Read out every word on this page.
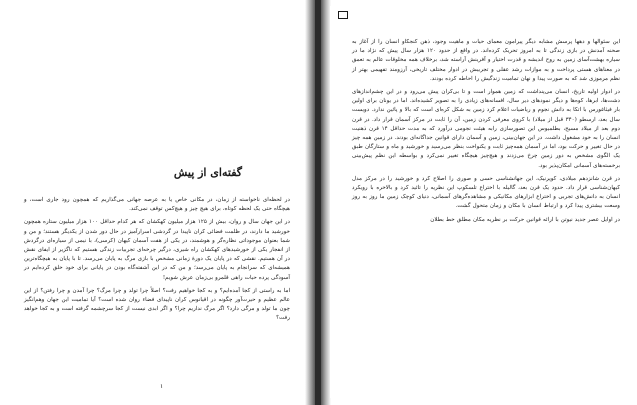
گفته‌ای از پیش

در لحظه‌ای ناخواسته از زمان، در مکانی خاص یا به عرصه جهانی می‌گذاریم که همچون رود جاری است، و هیچگاه حتی یک لحظه کوتاه، برای هیچ چیز و هیچ‌کس توقف نمی‌کند.

در این جهان سال و روان، بیش از ۱۲۵ هزار میلیون کهکشان که هر کدام حداقل ۱۰۰ هزار میلیون ستاره همچون خورشید ما دارند، در ظلمت فضائی کران ناپیدا در گردشی اسرارآمیز در حال دور شدن از یکدیگر هستند؛ و من و شما بعنوان موجوداتی نظاره‌گر و هوشمند، در یکی از هفت آسمان کیهان (کرسی)، با نیمی از سیاره‌ای درگردش از انفجار یکی از خورشیدهای کهکشان راه شیری، درگیر چرخه‌ای تجربیات زندگی هستیم که ناگزیر از ایفای نقش در آن هستیم. نقشی که در پایان یک دورهٔ زمانی مشخص با بازی مرگ به پایان می‌رسد. تا با پایان به هیچگاه‌ترین همیشه‌ای که سرانجام به پایان می‌رسد؛ و من که در این آشفته‌گاه بودن در پایانی برای خود خلق کرده‌ایم در آسودگی پرده حیات راهی قلمرو بی‌زمان عرش شویم!

اما به راستی از کجا آمده‌ایم؟ و به کجا خواهیم رفت؟ اصلاً چرا تولد و چرا مرگ؟ چرا آمدن و چرا رفتن؟ از این عالم عظیم و حیرت‌آور چگونه در اقیانوس کران ناپیدای فضاء روان شده است؟ آیا تمامیت این جهان وهم‌انگیز چون ما تولد و مرگی دارد؟ اگر مرگ نداریم چرا؟ و اگر ابدی نیست از کجا سرچشمه گرفته است و به کجا خواهد رفت؟

۱

این سئوالها و دهها پرسش مشابه دیگر پیرامون معمای حیات و ماهیت وجود، ذهن کنجکاو انسان را از آغاز به صحنه آمدنش در بازی زندگی تا به امروز تحریک کرده‌اند. در واقع از حدود ۱۲۰ هزار سال پیش که نژاد ما در سیاره بهشت‌آسای زمین به روح اندیشه و قدرت اختیار و آفرینش آراسته شد، برخلاف همه مخلوقات عالم به تعمق در معناهای هستی پرداخت و به موازات رشد عقلی و تجربیش در ادوار مختلف تاریخی، آرزومند تفهیمی بهتر از نظم مرموزی شد که به صورت پیدا و نهان تمامیت زندگیش را احاطه کرده بودند.

در ادوار اولیه تاریخ، انسان می‌پنداشت که زمین هموار است و تا بی‌کران پیش می‌رود و در این چشم‌اندازهای دشت‌ها، ابرها، کوه‌ها و دیگر نمودهای دیر سال، افسانه‌های زیادی را به تصویر کشیده‌اند. اما در یونان برای اولین بار فیثاغورس با اتکا به دانش نجوم و ریاضیات اعلام کرد زمین به شکل کره‌ای است که بالا و پائین ندارد. دویست سال بعد، ارسطو (۳۴۰ قبل از میلاد) با کروی معرفی کردن زمین، آن را ثابت در مرکز آسمان قرار داد. در قرن دوم بعد از میلاد مسیح، بطلمیوس این تصورسازی رابه هیئت نجومی درآورد که به مدت حداقل ۱۴ قرن ذهنیت انسان را به خود مشغول داشت. در این جهان‌بینی، زمین و آسمان دارای قوانین جداگانه‌ای بودند. در زمین همه چیز در حال تغییر و حرکت بود، اما در آسمان همه‌چیز ثابت و یکنواخت بنظر می‌رسید و خورشید و ماه و ستارگان طبق یک الگوی مشخص به دور زمین چرخ می‌زدند و هیچ‌چیز هیچگاه تغییر نمی‌کرد و بواسطه این نظم پیش‌بینی برخسته‌های آسمانی امکان‌پذیر بود.

در قرن شانزدهم میلادی، کوپرنیک، این جهانشناسی حسی و صوری را اصلاح کرد و خورشید را در مرکز مدل کیهان‌شناسی قرار داد. حدود یک قرن بعد، گالیله با اختراع تلسکوپ این نظریه را تائید کرد و بالاخره با رویکرد انسان به دانش‌های تجربی و اختراع ابزارهای مکانیکی و مشاهده‌گرهای آسمانی، دنیای کوچک زمین ما روز به روز وسعت بیشتری پیدا کرد و ارتباط انسان با مکان و زمان متحول گشت.

در اوایل عصر جدید نیوتن با ارائه قوانین حرکت بر نظریه مکان مطلق خط بطلان
